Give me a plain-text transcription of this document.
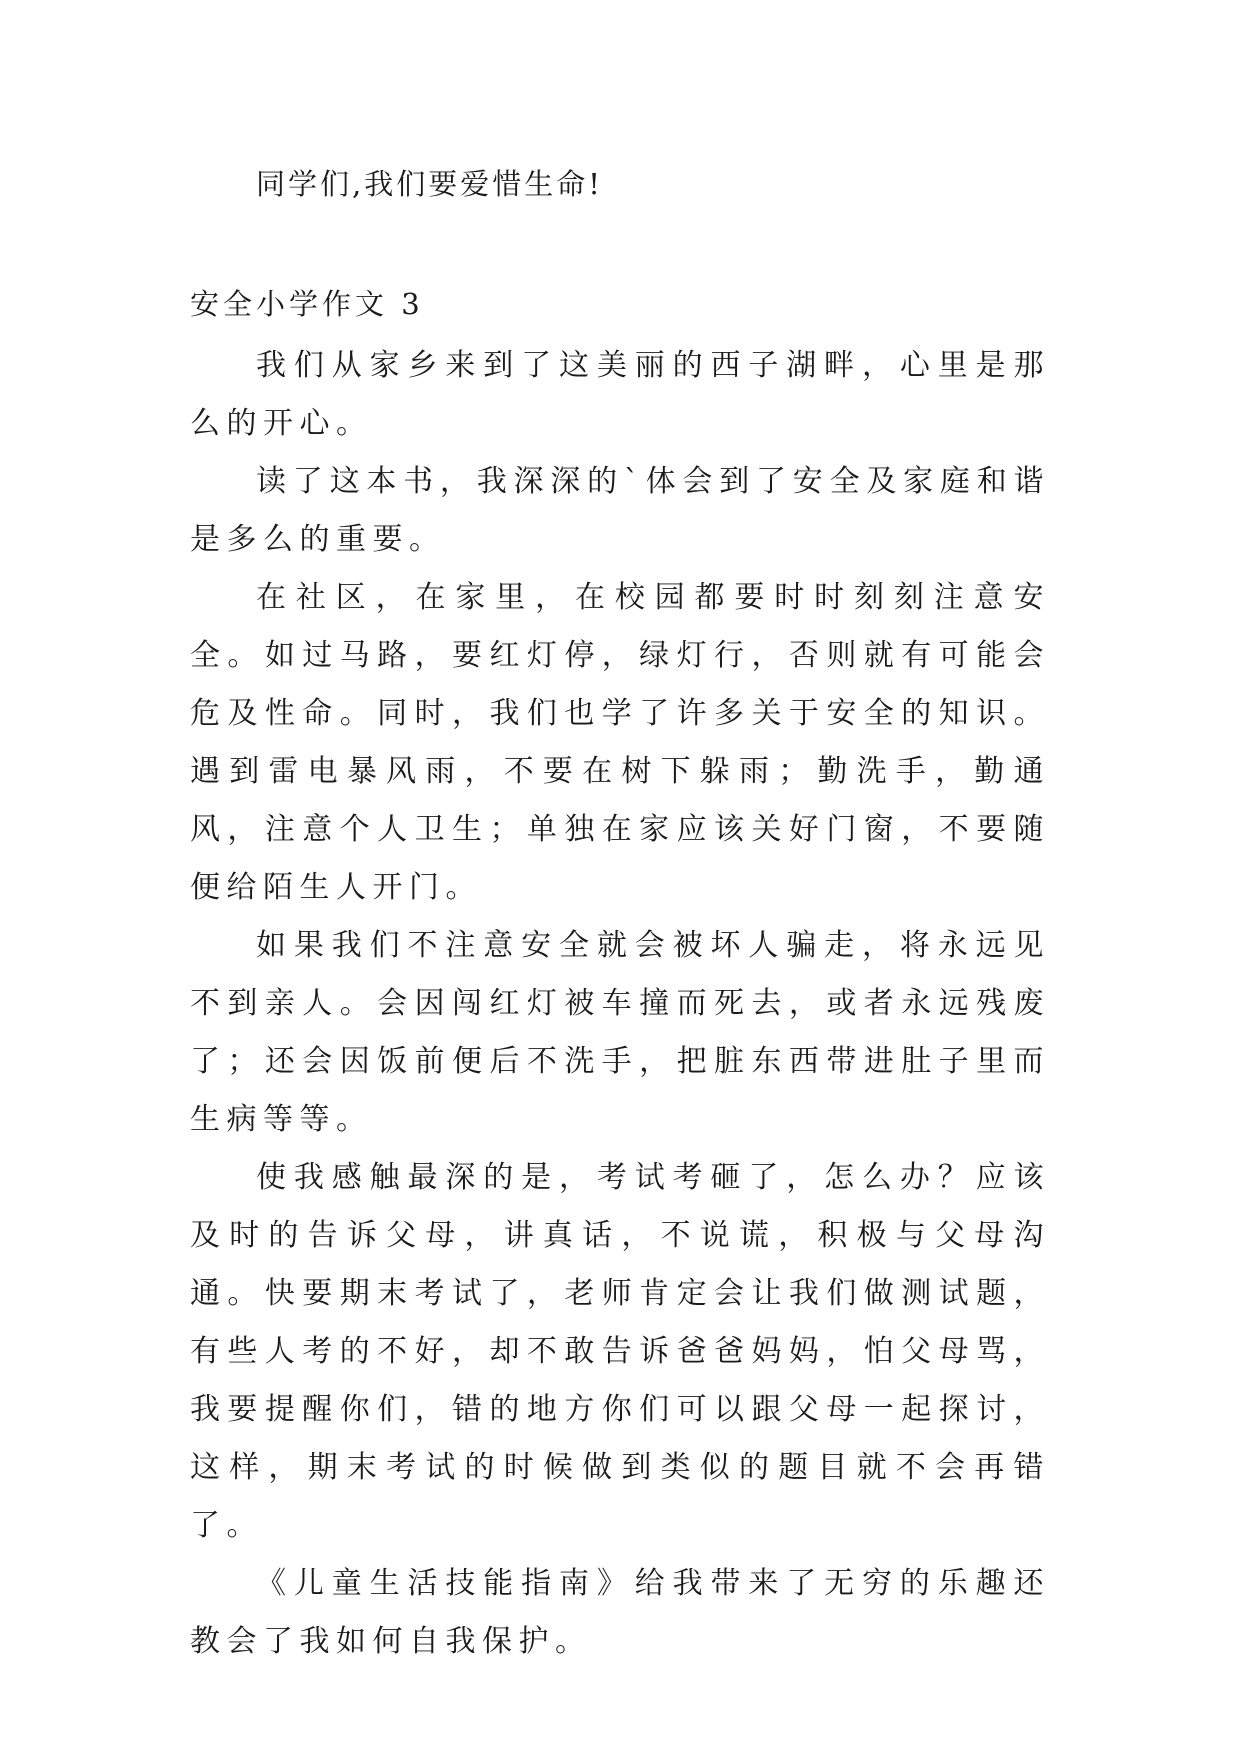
同学们,我们要爱惜生命!
安全小学作文 3

我们从家乡来到了这美丽的西子湖畔，心里是那么的开心。

读了这本书，我深深的`体会到了安全及家庭和谐是多么的重要。

在社区，在家里，在校园都要时时刻刻注意安全。如过马路，要红灯停，绿灯行，否则就有可能会危及性命。同时，我们也学了许多关于安全的知识。遇到雷电暴风雨，不要在树下躲雨；勤洗手，勤通风，注意个人卫生；单独在家应该关好门窗，不要随便给陌生人开门。

如果我们不注意安全就会被坏人骗走，将永远见不到亲人。会因闯红灯被车撞而死去，或者永远残废了；还会因饭前便后不洗手，把脏东西带进肚子里而生病等等。

使我感触最深的是，考试考砸了，怎么办？应该及时的告诉父母，讲真话，不说谎，积极与父母沟通。快要期末考试了，老师肯定会让我们做测试题，有些人考的不好，却不敢告诉爸爸妈妈，怕父母骂，我要提醒你们，错的地方你们可以跟父母一起探讨，这样，期末考试的时候做到类似的题目就不会再错了。

《儿童生活技能指南》给我带来了无穷的乐趣还教会了我如何自我保护。
